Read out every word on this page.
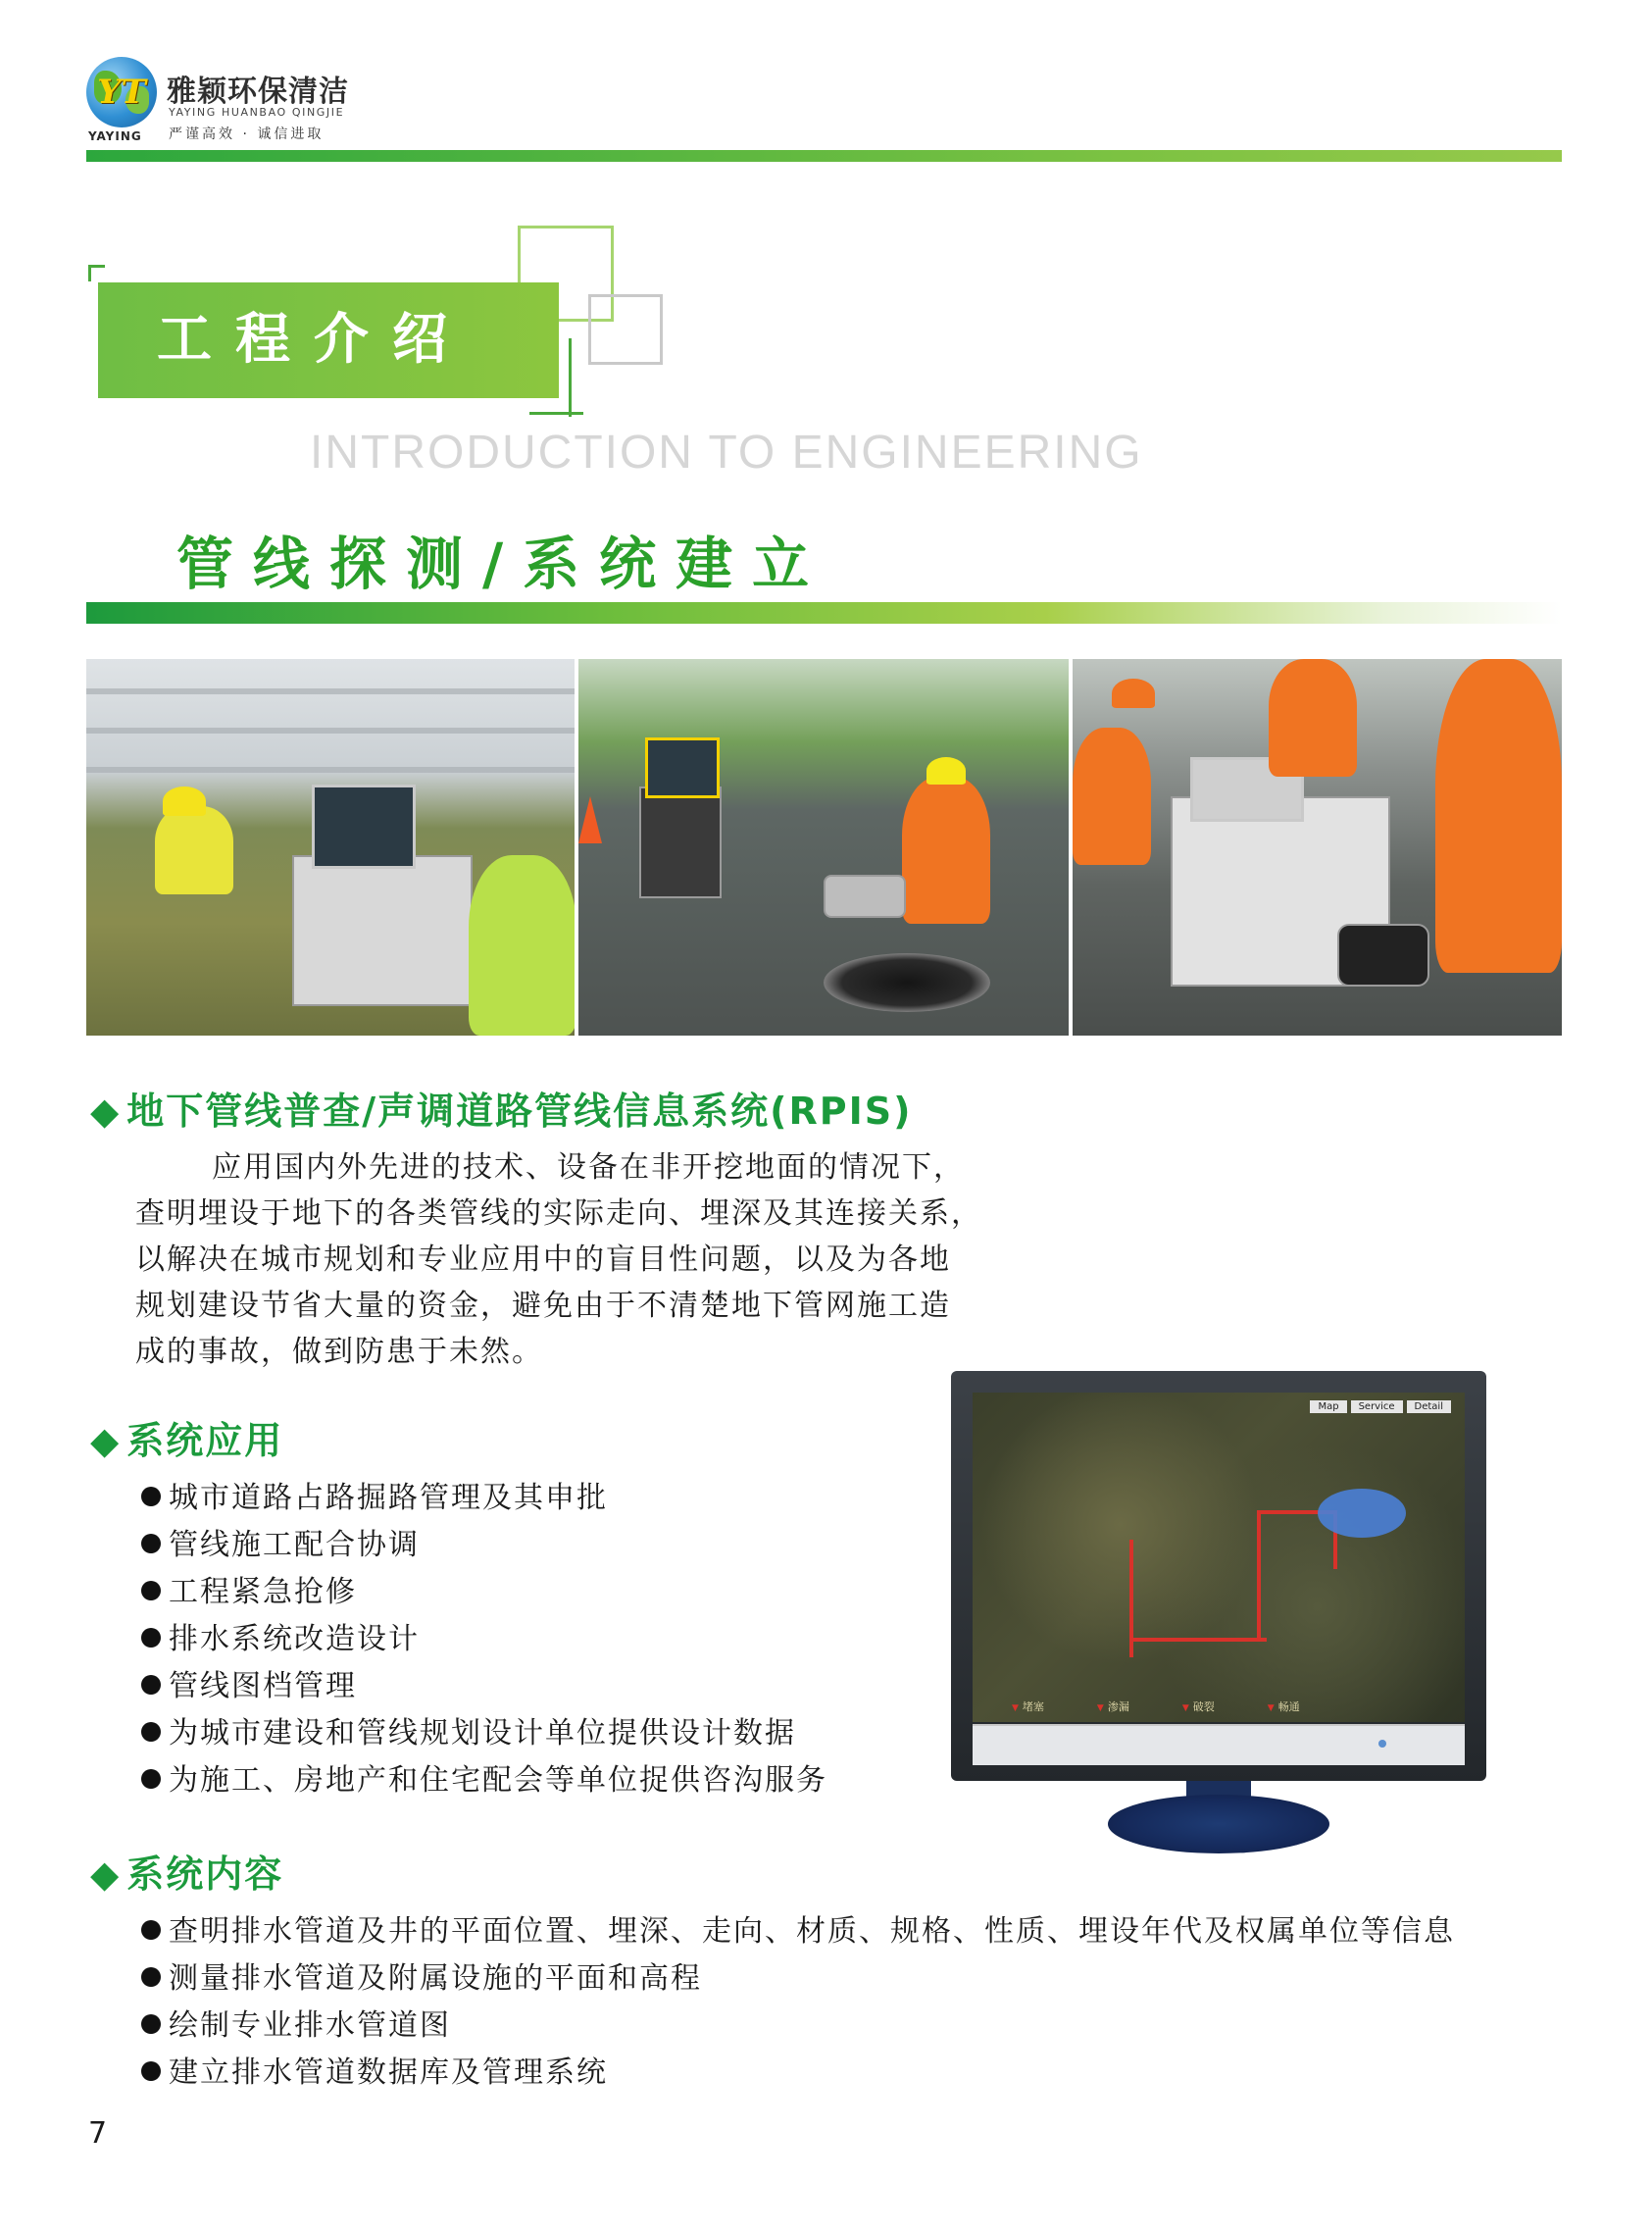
YT
YAYING
雅颖环保清洁
YAYING HUANBAO QINGJIE
严谨高效 · 诚信进取
工程介绍
INTRODUCTION TO ENGINEERING
管线探测/系统建立
◆ 地下管线普查/声调道路管线信息系统(RPIS)
应用国内外先进的技术、设备在非开挖地面的情况下，
查明埋设于地下的各类管线的实际走向、埋深及其连接关系，
以解决在城市规划和专业应用中的盲目性问题，以及为各地
规划建设节省大量的资金，避免由于不清楚地下管网施工造
成的事故，做到防患于未然。
◆ 系统应用
城市道路占路掘路管理及其申批
管线施工配合协调
工程紧急抢修
排水系统改造设计
管线图档管理
为城市建设和管线规划设计单位提供设计数据
为施工、房地产和住宅配会等单位捉供咨沟服务
Map	Service	Detail
▼ 堵塞	▼ 渗漏	▼ 破裂	▼ 畅通
◆ 系统内容
查明排水管道及井的平面位置、埋深、走向、材质、规格、性质、埋设年代及权属单位等信息
测量排水管道及附属设施的平面和高程
绘制专业排水管道图
建立排水管道数据库及管理系统
7
